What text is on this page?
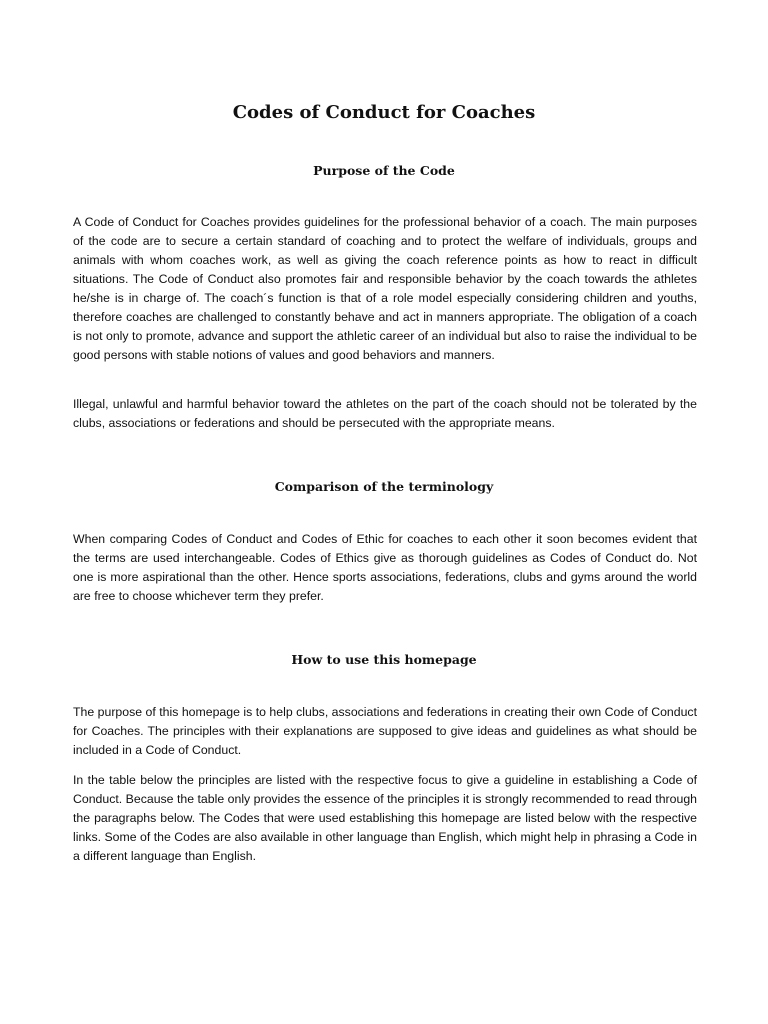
Codes of Conduct for Coaches
Purpose of the Code

A Code of Conduct for Coaches provides guidelines for the professional behavior of a coach. The main purposes of the code are to secure a certain standard of coaching and to protect the welfare of individuals, groups and animals with whom coaches work, as well as giving the coach reference points as how to react in difficult situations. The Code of Conduct also promotes fair and responsible behavior by the coach towards the athletes he/she is in charge of. The coach´s function is that of a role model especially considering children and youths, therefore coaches are challenged to constantly behave and act in manners appropriate. The obligation of a coach is not only to promote, advance and support the athletic career of an individual but also to raise the individual to be good persons with stable notions of values and good behaviors and manners.

Illegal, unlawful and harmful behavior toward the athletes on the part of the coach should not be tolerated by the clubs, associations or federations and should be persecuted with the appropriate means.

Comparison of the terminology

When comparing Codes of Conduct and Codes of Ethic for coaches to each other it soon becomes evident that the terms are used interchangeable. Codes of Ethics give as thorough guidelines as Codes of Conduct do. Not one is more aspirational than the other. Hence sports associations, federations, clubs and gyms around the world are free to choose whichever term they prefer.

How to use this homepage

The purpose of this homepage is to help clubs, associations and federations in creating their own Code of Conduct for Coaches. The principles with their explanations are supposed to give ideas and guidelines as what should be included in a Code of Conduct.

In the table below the principles are listed with the respective focus to give a guideline in establishing a Code of Conduct. Because the table only provides the essence of the principles it is strongly recommended to read through the paragraphs below. The Codes that were used establishing this homepage are listed below with the respective links. Some of the Codes are also available in other language than English, which might help in phrasing a Code in a different language than English.
